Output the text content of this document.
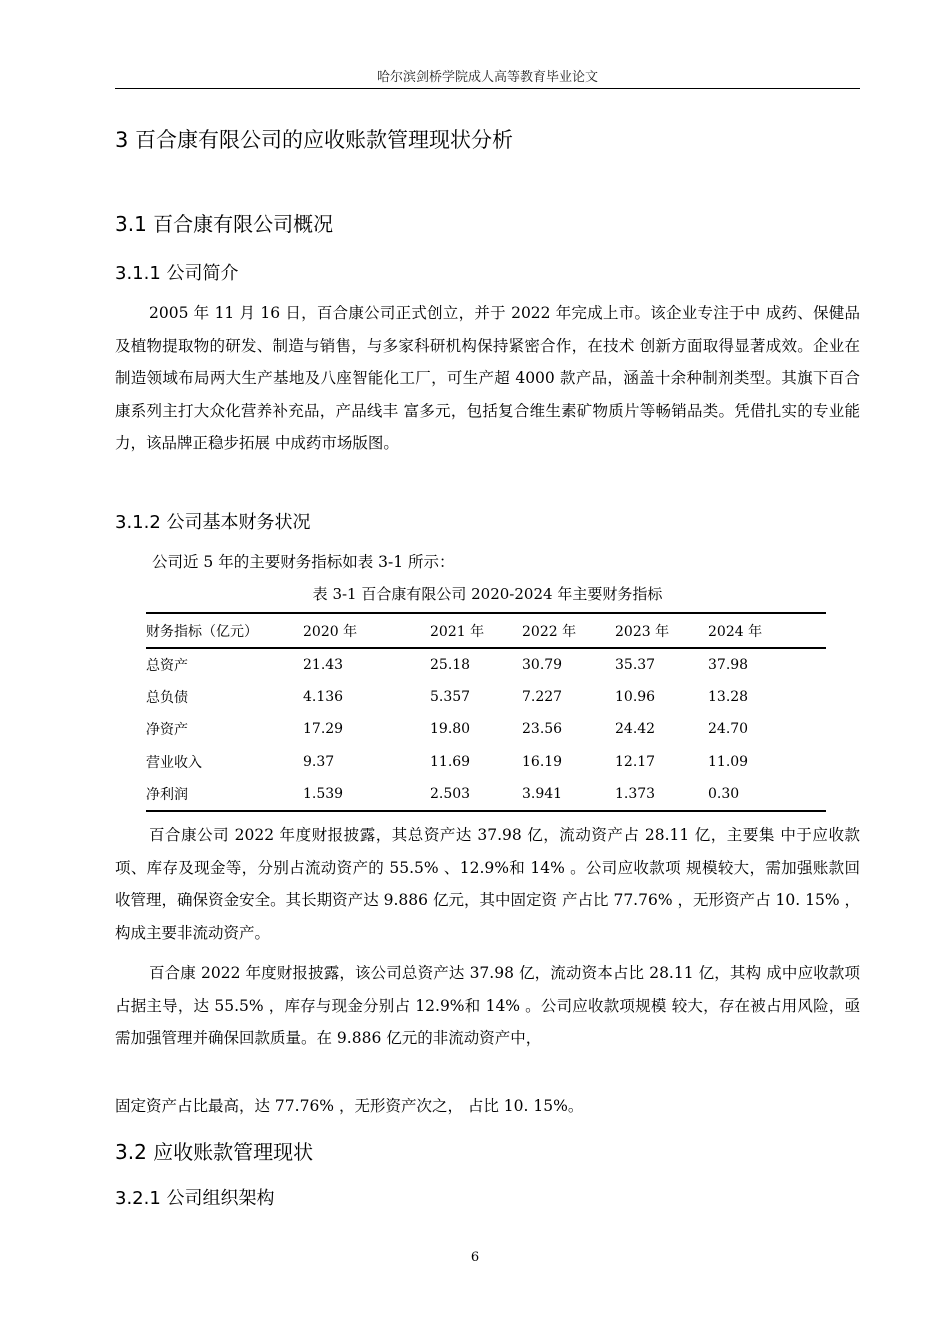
哈尔滨剑桥学院成人高等教育毕业论文
3 百合康有限公司的应收账款管理现状分析
3.1 百合康有限公司概况
3.1.1 公司简介

2005 年 11 月 16 日，百合康公司正式创立，并于 2022 年完成上市。该企业专注于中 成药、保健品及植物提取物的研发、制造与销售，与多家科研机构保持紧密合作，在技术 创新方面取得显著成效。企业在制造领域布局两大生产基地及八座智能化工厂，可生产超 4000 款产品，涵盖十余种制剂类型。其旗下百合康系列主打大众化营养补充品，产品线丰 富多元，包括复合维生素矿物质片等畅销品类。凭借扎实的专业能力，该品牌正稳步拓展 中成药市场版图。

3.1.2 公司基本财务状况
公司近 5 年的主要财务指标如表 3-1 所示：
表 3-1 百合康有限公司 2020-2024 年主要财务指标
财务指标（亿元）	2020 年	2021 年	2022 年	2023 年	2024 年
总资产	21.43	25.18	30.79	35.37	37.98
总负债	4.136	5.357	7.227	10.96	13.28
净资产	17.29	19.80	23.56	24.42	24.70
营业收入	9.37	11.69	16.19	12.17	11.09
净利润	1.539	2.503	3.941	1.373	0.30

百合康公司 2022 年度财报披露，其总资产达 37.98 亿，流动资产占 28.11 亿，主要集 中于应收款项、库存及现金等，分别占流动资产的 55.5% 、12.9%和 14% 。公司应收款项 规模较大，需加强账款回收管理，确保资金安全。其长期资产达 9.886 亿元，其中固定资 产占比 77.76% ，无形资产占 10. 15% ，构成主要非流动资产。

百合康 2022 年度财报披露，该公司总资产达 37.98 亿，流动资本占比 28.11 亿，其构 成中应收款项占据主导，达 55.5% ，库存与现金分别占 12.9%和 14% 。公司应收款项规模 较大，存在被占用风险，亟需加强管理并确保回款质量。在 9.886 亿元的非流动资产中，

固定资产占比最高，达 77.76% ，无形资产次之， 占比 10. 15%。

3.2 应收账款管理现状
3.2.1 公司组织架构
6
